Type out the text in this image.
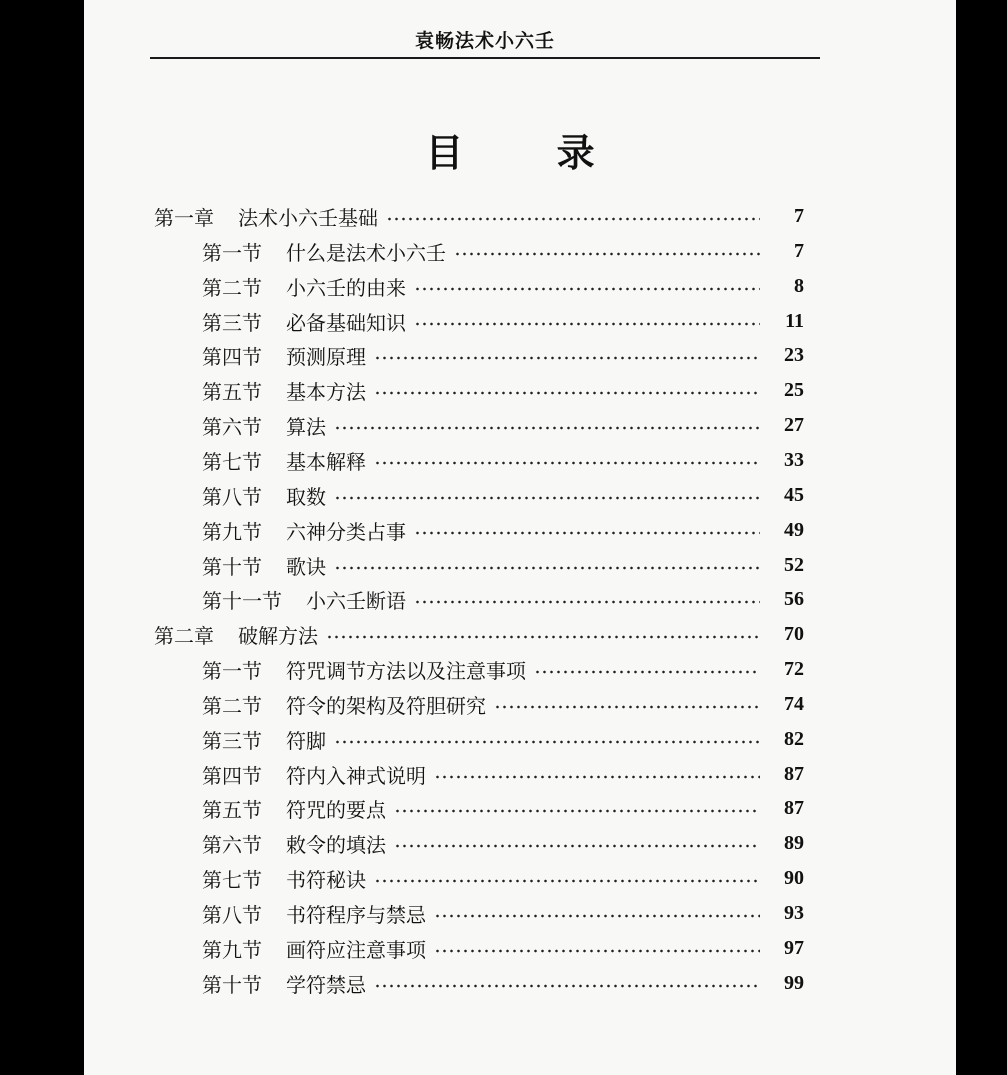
袁畅法术小六壬
目 录
第一章 法术小六壬基础	7
第一节 什么是法术小六壬	7
第二节 小六壬的由来	8
第三节 必备基础知识	11
第四节 预测原理	23
第五节 基本方法	25
第六节 算法	27
第七节 基本解释	33
第八节 取数	45
第九节 六神分类占事	49
第十节 歌诀	52
第十一节 小六壬断语	56
第二章 破解方法	70
第一节 符咒调节方法以及注意事项	72
第二节 符令的架构及符胆研究	74
第三节 符脚	82
第四节 符内入神式说明	87
第五节 符咒的要点	87
第六节 敕令的填法	89
第七节 书符秘诀	90
第八节 书符程序与禁忌	93
第九节 画符应注意事项	97
第十节 学符禁忌	99
